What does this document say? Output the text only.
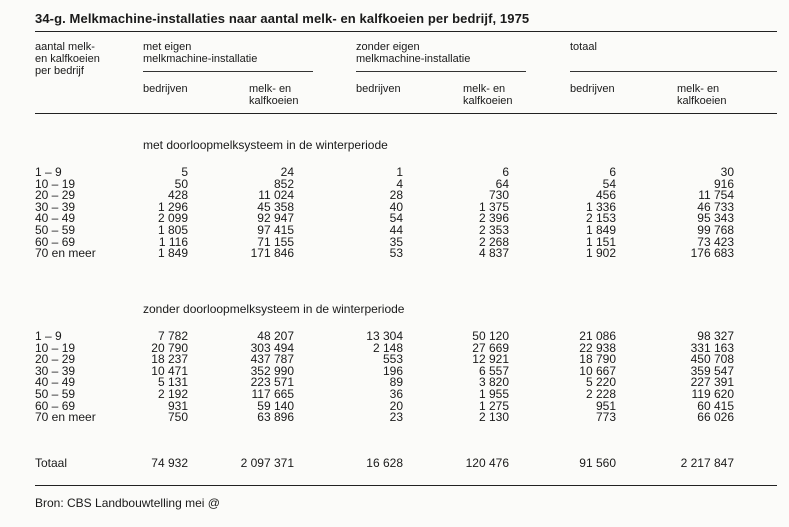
34-g. Melkmachine-installaties naar aantal melk- en kalfkoeien per bedrijf, 1975
aantal melk-
en kalfkoeien
per bedrijf
met eigen
melkmachine-installatie
zonder eigen
melkmachine-installatie
totaal
bedrijven	melk- en
kalfkoeien
bedrijven	melk- en
kalfkoeien
bedrijven	melk- en
kalfkoeien
met doorloopmelksysteem in de winterperiode
1 – 9	5	24	1	6	6	30
10 – 19	50	852	4	64	54	916
20 – 29	428	11 024	28	730	456	11 754
30 – 39	1 296	45 358	40	1 375	1 336	46 733
40 – 49	2 099	92 947	54	2 396	2 153	95 343
50 – 59	1 805	97 415	44	2 353	1 849	99 768
60 – 69	1 116	71 155	35	2 268	1 151	73 423
70 en meer	1 849	171 846	53	4 837	1 902	176 683
zonder doorloopmelksysteem in de winterperiode
1 – 9	7 782	48 207	13 304	50 120	21 086	98 327
10 – 19	20 790	303 494	2 148	27 669	22 938	331 163
20 – 29	18 237	437 787	553	12 921	18 790	450 708
30 – 39	10 471	352 990	196	6 557	10 667	359 547
40 – 49	5 131	223 571	89	3 820	5 220	227 391
50 – 59	2 192	117 665	36	1 955	2 228	119 620
60 – 69	931	59 140	20	1 275	951	60 415
70 en meer	750	63 896	23	2 130	773	66 026
Totaal	74 932	2 097 371	16 628	120 476	91 560	2 217 847
Bron: CBS Landbouwtelling mei @
